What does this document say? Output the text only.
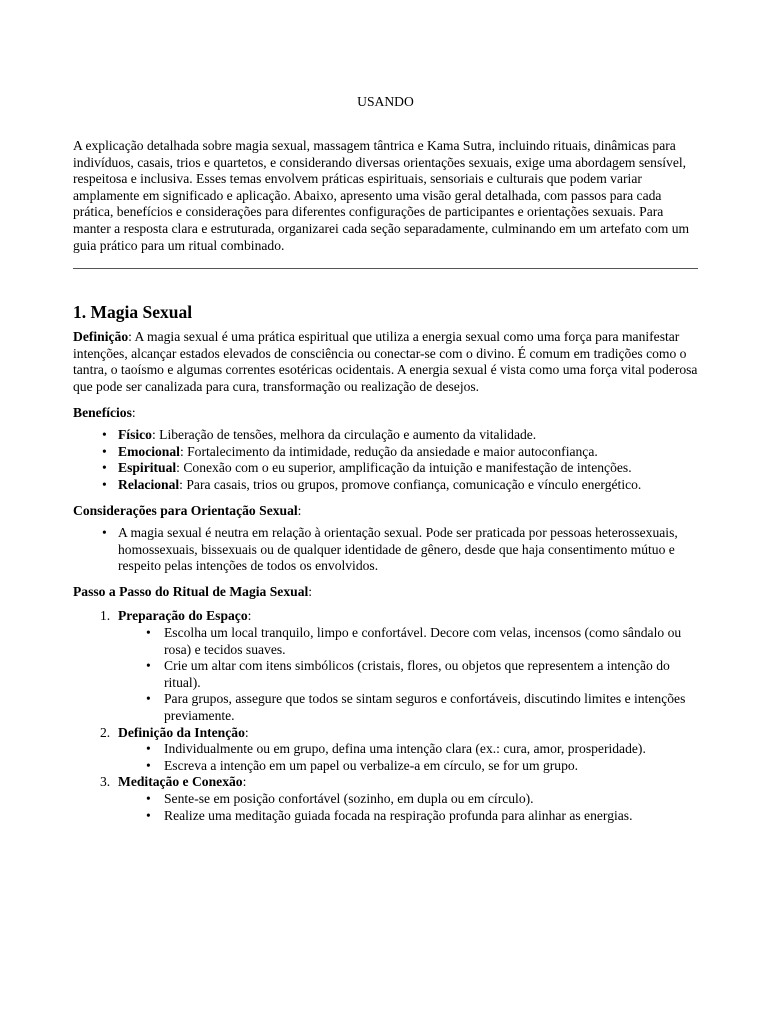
USANDO

A explicação detalhada sobre magia sexual, massagem tântrica e Kama Sutra, incluindo rituais, dinâmicas para indivíduos, casais, trios e quartetos, e considerando diversas orientações sexuais, exige uma abordagem sensível, respeitosa e inclusiva. Esses temas envolvem práticas espirituais, sensoriais e culturais que podem variar amplamente em significado e aplicação. Abaixo, apresento uma visão geral detalhada, com passos para cada prática, benefícios e considerações para diferentes configurações de participantes e orientações sexuais. Para manter a resposta clara e estruturada, organizarei cada seção separadamente, culminando em um artefato com um guia prático para um ritual combinado.

1. Magia Sexual

Definição: A magia sexual é uma prática espiritual que utiliza a energia sexual como uma força para manifestar intenções, alcançar estados elevados de consciência ou conectar-se com o divino. É comum em tradições como o tantra, o taoísmo e algumas correntes esotéricas ocidentais. A energia sexual é vista como uma força vital poderosa que pode ser canalizada para cura, transformação ou realização de desejos.

Benefícios:

• Físico: Liberação de tensões, melhora da circulação e aumento da vitalidade.
• Emocional: Fortalecimento da intimidade, redução da ansiedade e maior autoconfiança.
• Espiritual: Conexão com o eu superior, amplificação da intuição e manifestação de intenções.
• Relacional: Para casais, trios ou grupos, promove confiança, comunicação e vínculo energético.

Considerações para Orientação Sexual:

• A magia sexual é neutra em relação à orientação sexual. Pode ser praticada por pessoas heterossexuais, homossexuais, bissexuais ou de qualquer identidade de gênero, desde que haja consentimento mútuo e respeito pelas intenções de todos os envolvidos.

Passo a Passo do Ritual de Magia Sexual:

1. Preparação do Espaço:
• Escolha um local tranquilo, limpo e confortável. Decore com velas, incensos (como sândalo ou rosa) e tecidos suaves.
• Crie um altar com itens simbólicos (cristais, flores, ou objetos que representem a intenção do ritual).
• Para grupos, assegure que todos se sintam seguros e confortáveis, discutindo limites e intenções previamente.
2. Definição da Intenção:
• Individualmente ou em grupo, defina uma intenção clara (ex.: cura, amor, prosperidade).
• Escreva a intenção em um papel ou verbalize-a em círculo, se for um grupo.
3. Meditação e Conexão:
• Sente-se em posição confortável (sozinho, em dupla ou em círculo).
• Realize uma meditação guiada focada na respiração profunda para alinhar as energias.
